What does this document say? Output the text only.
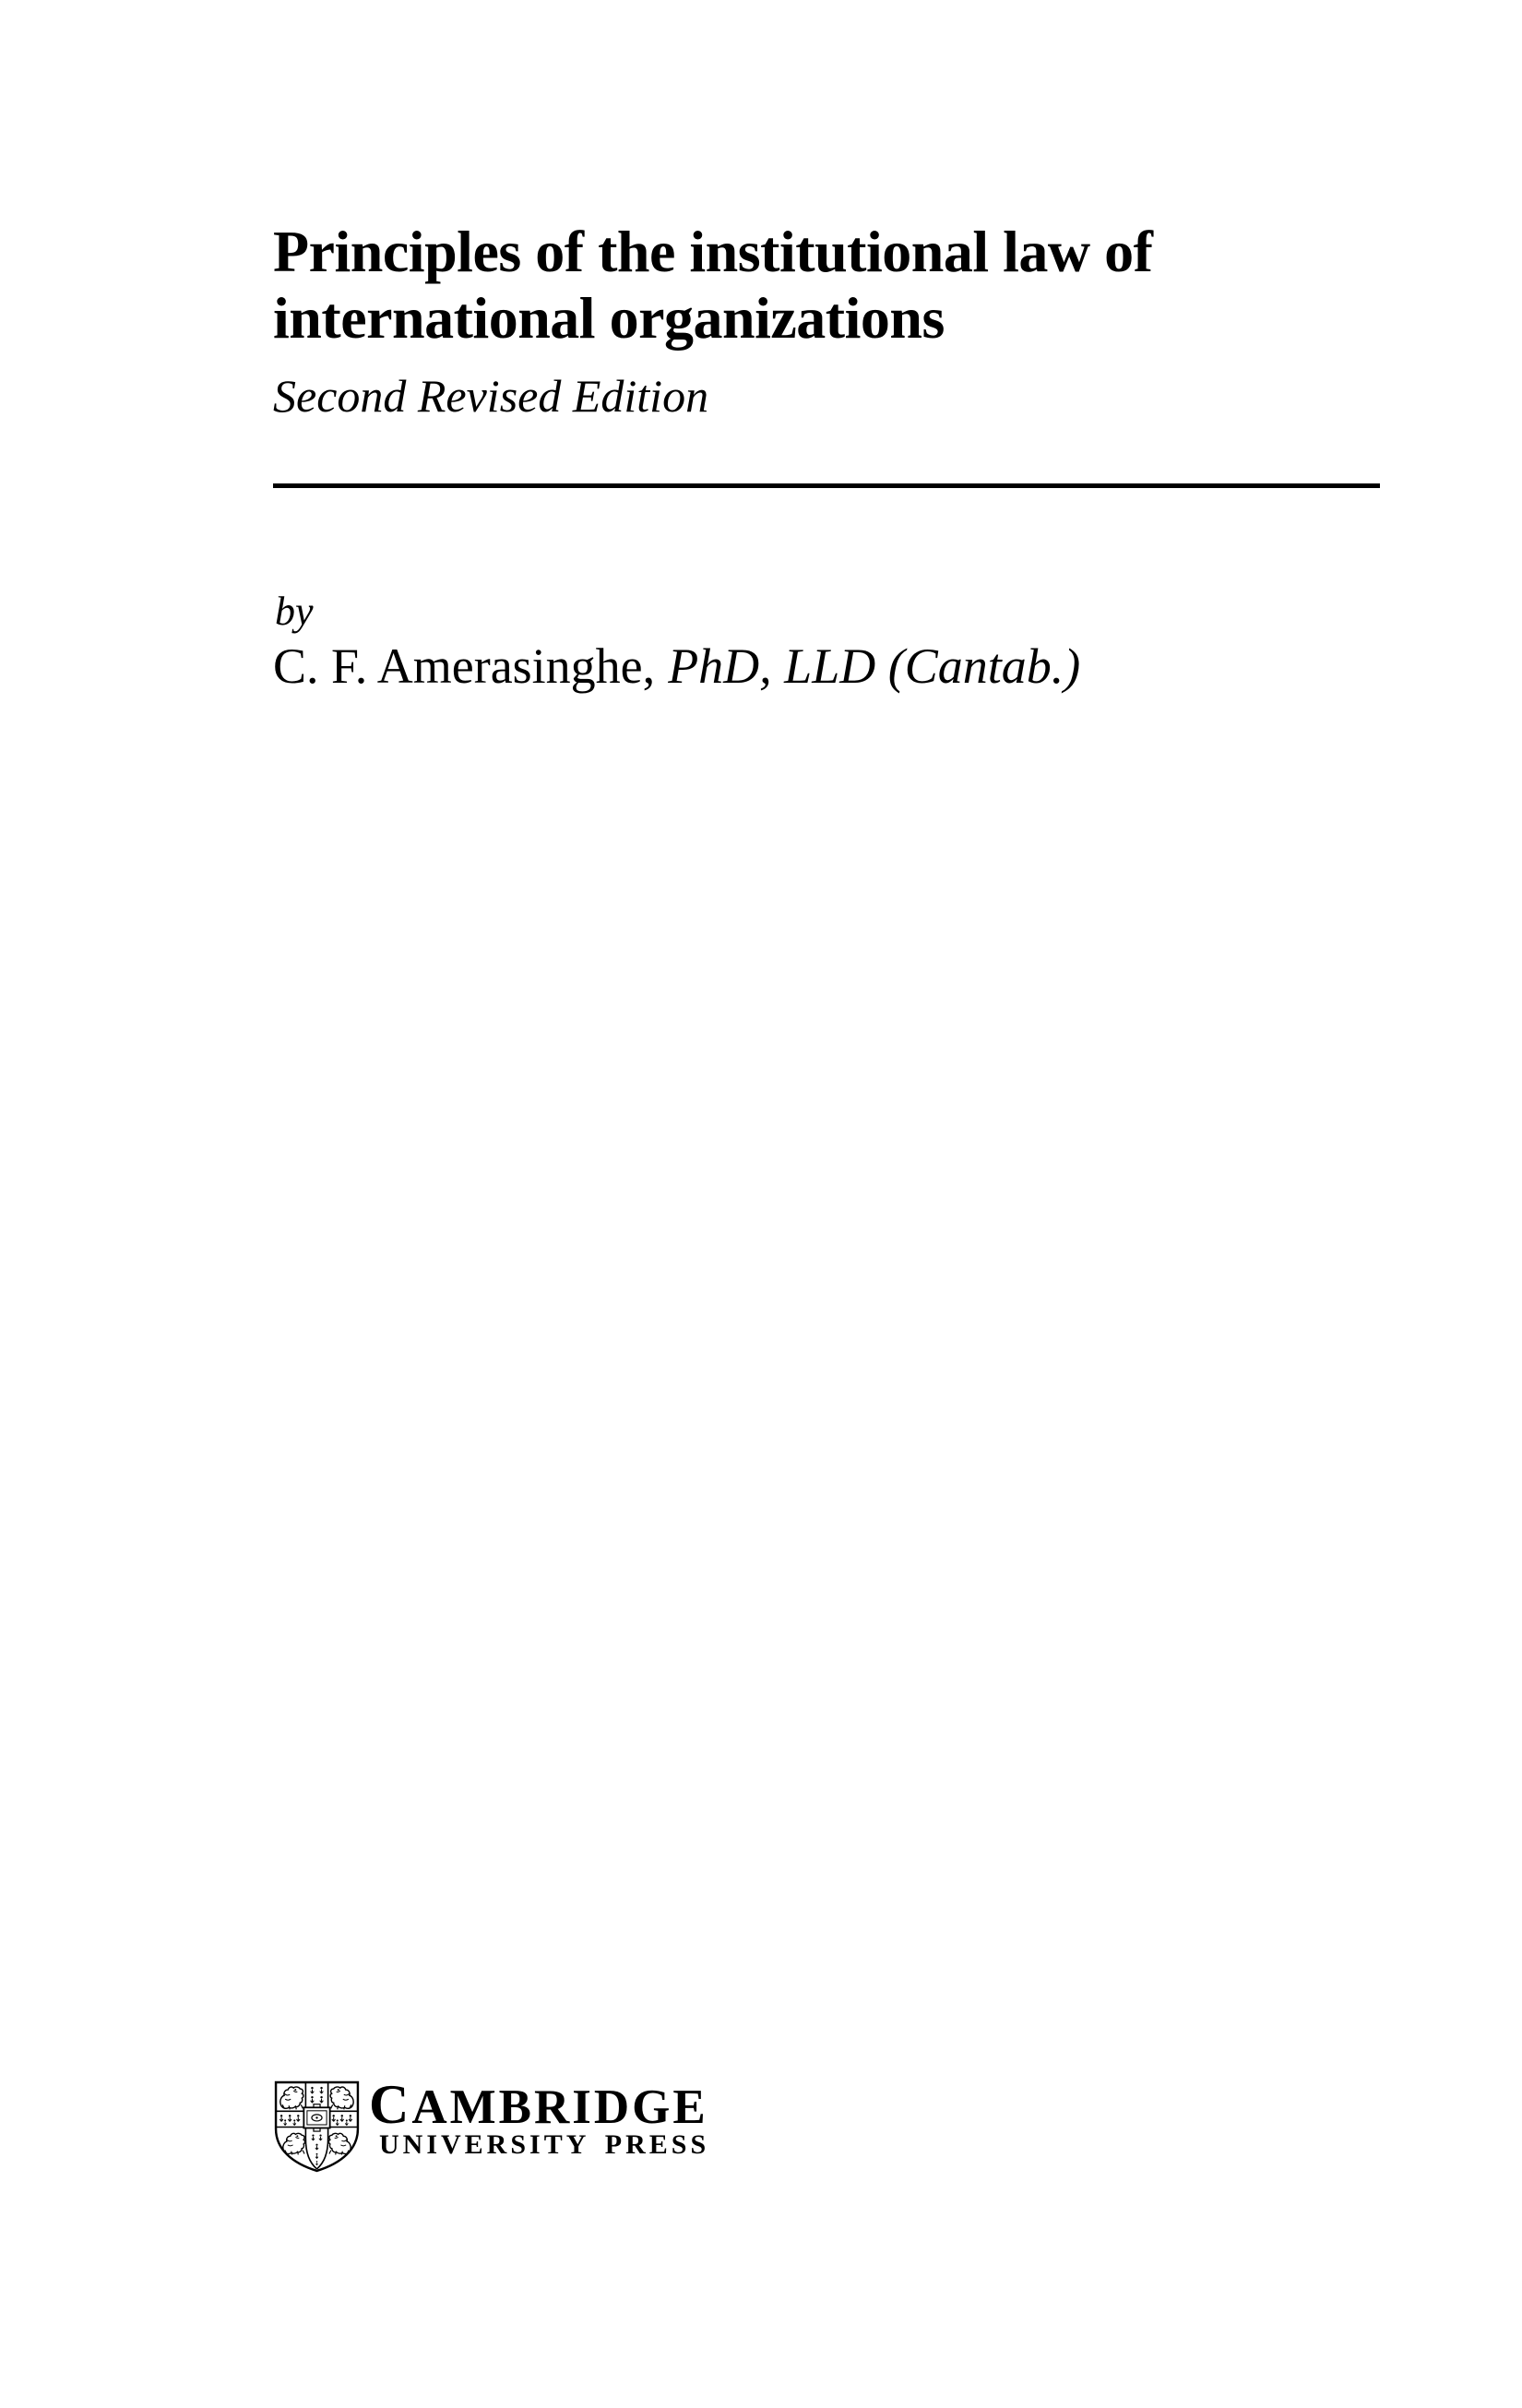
Principles of the institutional law of
international organizations
Second Revised Edition
by
C. F. Amerasinghe, PhD, LLD (Cantab.)
CAMBRIDGE
UNIVERSITY PRESS
